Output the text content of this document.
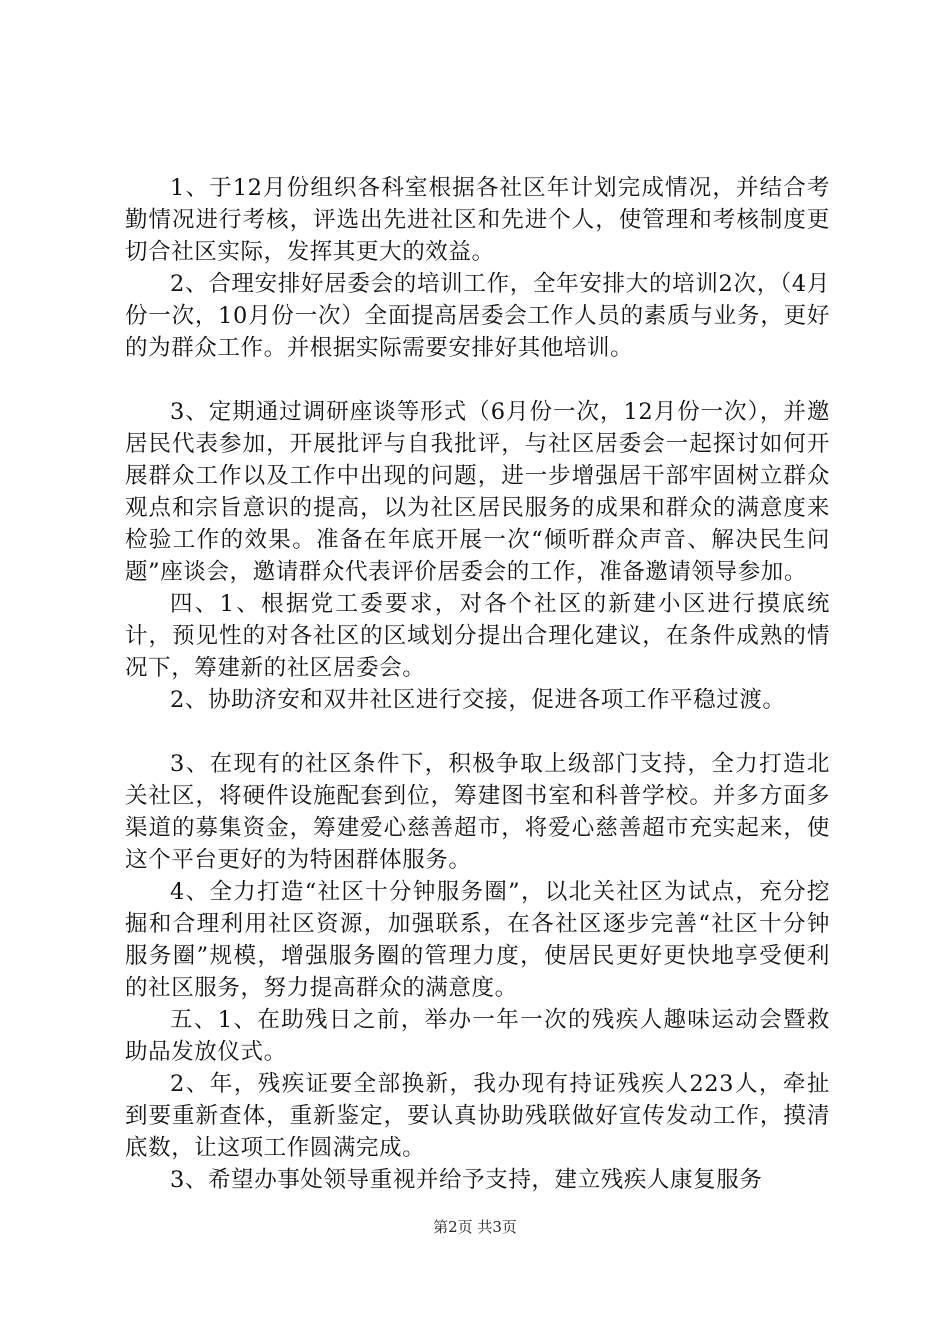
1、于12月份组织各科室根据各社区年计划完成情况，并结合考勤情况进行考核，评选出先进社区和先进个人，使管理和考核制度更切合社区实际，发挥其更大的效益。

2、合理安排好居委会的培训工作，全年安排大的培训2次，（4月份一次，10月份一次）全面提高居委会工作人员的素质与业务，更好的为群众工作。并根据实际需要安排好其他培训。

3、定期通过调研座谈等形式（6月份一次，12月份一次），并邀居民代表参加，开展批评与自我批评，与社区居委会一起探讨如何开展群众工作以及工作中出现的问题，进一步增强居干部牢固树立群众观点和宗旨意识的提高，以为社区居民服务的成果和群众的满意度来检验工作的效果。准备在年底开展一次“倾听群众声音、解决民生问题”座谈会，邀请群众代表评价居委会的工作，准备邀请领导参加。

四、1、根据党工委要求，对各个社区的新建小区进行摸底统计，预见性的对各社区的区域划分提出合理化建议，在条件成熟的情况下，筹建新的社区居委会。

2、协助济安和双井社区进行交接，促进各项工作平稳过渡。

3、在现有的社区条件下，积极争取上级部门支持，全力打造北关社区，将硬件设施配套到位，筹建图书室和科普学校。并多方面多渠道的募集资金，筹建爱心慈善超市，将爱心慈善超市充实起来，使这个平台更好的为特困群体服务。

4、全力打造“社区十分钟服务圈”，以北关社区为试点，充分挖掘和合理利用社区资源，加强联系，在各社区逐步完善“社区十分钟服务圈”规模，增强服务圈的管理力度，使居民更好更快地享受便利的社区服务，努力提高群众的满意度。

五、1、在助残日之前，举办一年一次的残疾人趣味运动会暨救助品发放仪式。

2、年，残疾证要全部换新，我办现有持证残疾人223人，牵扯到要重新查体，重新鉴定，要认真协助残联做好宣传发动工作，摸清底数，让这项工作圆满完成。

3、希望办事处领导重视并给予支持，建立残疾人康复服务

第2页 共3页
